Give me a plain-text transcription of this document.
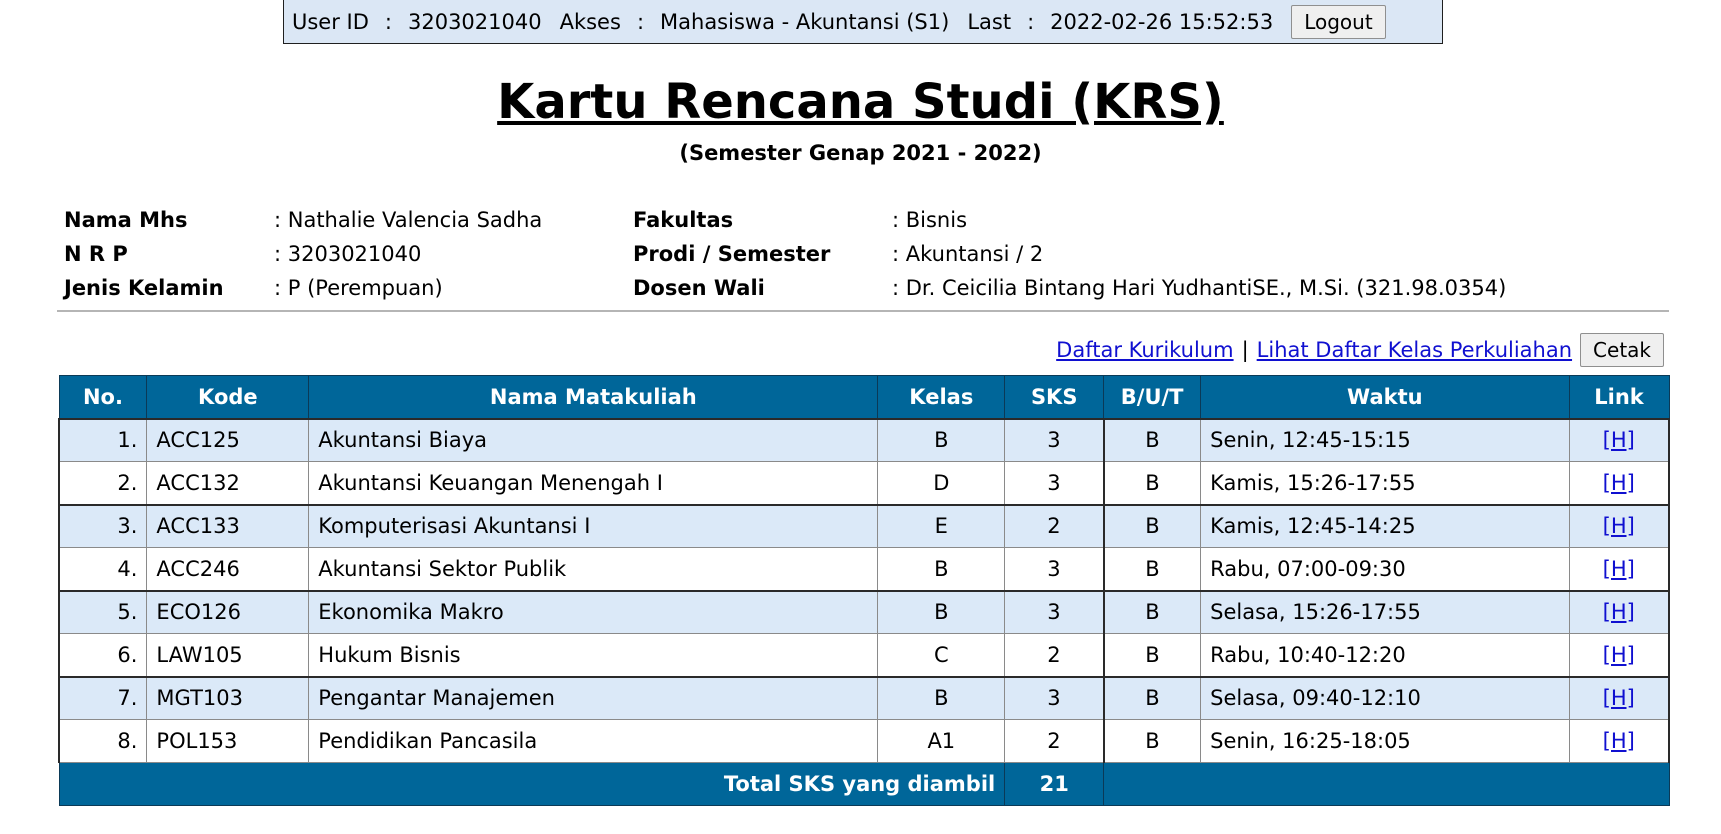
User ID : 3203021040 Akses : Mahasiswa - Akuntansi (S1) Last : 2022-02-26 15:52:53	Logout
Kartu Rencana Studi (KRS)
(Semester Genap 2021 - 2022)
Nama Mhs	: Nathalie Valencia Sadha
N R P	: 3203021040
Jenis Kelamin	: P (Perempuan)
Fakultas	: Bisnis
Prodi / Semester	: Akuntansi / 2
Dosen Wali	: Dr. Ceicilia Bintang Hari YudhantiSE., M.Si. (321.98.0354)
Daftar Kurikulum | Lihat Daftar Kelas Perkuliahan	Cetak
No.	Kode	Nama Matakuliah	Kelas	SKS	B/U/T	Waktu	Link
1.	ACC125	Akuntansi Biaya	B	3	B	Senin, 12:45-15:15	[H]
2.	ACC132	Akuntansi Keuangan Menengah I	D	3	B	Kamis, 15:26-17:55	[H]
3.	ACC133	Komputerisasi Akuntansi I	E	2	B	Kamis, 12:45-14:25	[H]
4.	ACC246	Akuntansi Sektor Publik	B	3	B	Rabu, 07:00-09:30	[H]
5.	ECO126	Ekonomika Makro	B	3	B	Selasa, 15:26-17:55	[H]
6.	LAW105	Hukum Bisnis	C	2	B	Rabu, 10:40-12:20	[H]
7.	MGT103	Pengantar Manajemen	B	3	B	Selasa, 09:40-12:10	[H]
8.	POL153	Pendidikan Pancasila	A1	2	B	Senin, 16:25-18:05	[H]
Total SKS yang diambil				21			
